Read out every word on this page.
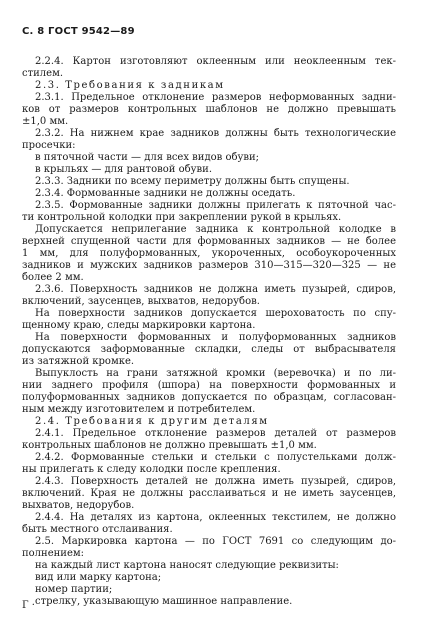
С. 8 ГОСТ 9542—89
2.2.4. Картон изготовляют оклеенным или неоклеенным тек-
стилем.
2.3. Требования к задникам
2.3.1. Предельное отклонение размеров неформованных задни-
ков от размеров контрольных шаблонов не должно превышать
±1,0 мм.
2.3.2. На нижнем крае задников должны быть технологические
просечки:
в пяточной части — для всех видов обуви;
в крыльях — для рантовой обуви.
2.3.3. Задники по всему периметру должны быть спущены.
2.3.4. Формованные задники не должны оседать.
2.3.5. Формованные задники должны прилегать к пяточной час-
ти контрольной колодки при закреплении рукой в крыльях.
Допускается неприлегание задника к контрольной колодке в
верхней спущенной части для формованных задников — не более
1 мм, для полуформованных, укороченных, особоукороченных
задников и мужских задников размеров 310—315—320—325 — не
более 2 мм.
2.3.6. Поверхность задников не должна иметь пузырей, сдиров,
включений, заусенцев, выхватов, недорубов.
На поверхности задников допускается шероховатость по спу-
щенному краю, следы маркировки картона.
На поверхности формованных и полуформованных задников
допускаются заформованные складки, следы от выбрасывателя
из затяжной кромке.
Выпуклость на грани затяжной кромки (веревочка) и по ли-
нии заднего профиля (шпора) на поверхности формованных и
полуформованных задников допускается по образцам, согласован-
ным между изготовителем и потребителем.
2.4. Требования к другим деталям
2.4.1. Предельное отклонение размеров деталей от размеров
контрольных шаблонов не должно превышать ±1,0 мм.
2.4.2. Формованные стельки и стельки с полустельками долж-
ны прилегать к следу колодки после крепления.
2.4.3. Поверхность деталей не должна иметь пузырей, сдиров,
включений. Края не должны расслаиваться и не иметь заусенцев,
выхватов, недорубов.
2.4.4. На деталях из картона, оклеенных текстилем, не должно
быть местного отслаивания.
2.5. Маркировка картона — по ГОСТ 7691 со следующим до-
полнением:
на каждый лист картона наносят следующие реквизиты:
вид или марку картона;
номер партии;
стрелку, указывающую машинное направление.
Г ·
